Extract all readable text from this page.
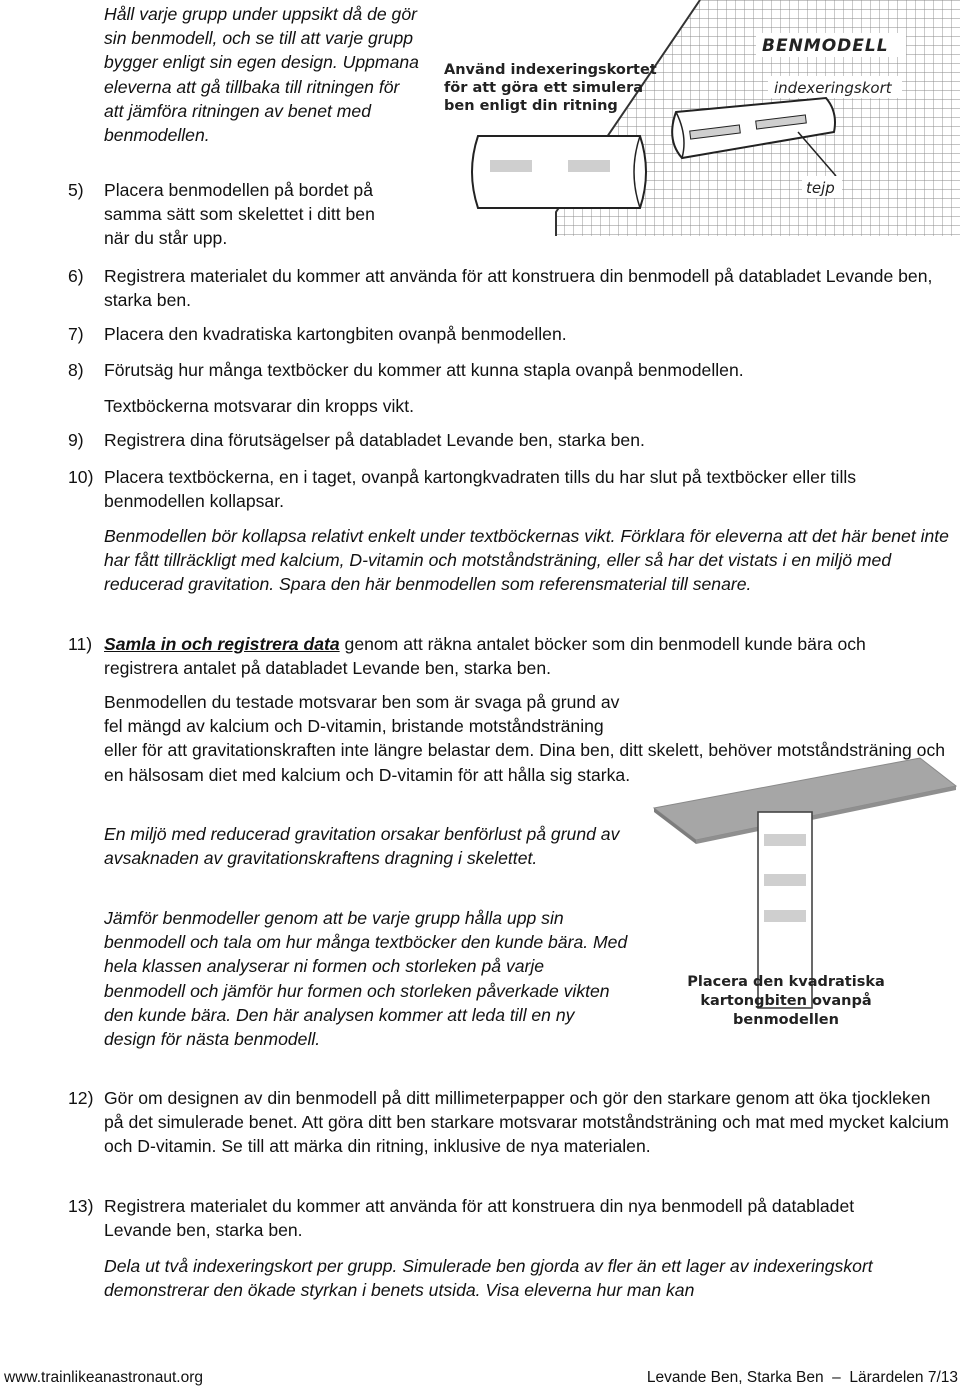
Håll varje grupp under uppsikt då de gör sin benmodell, och se till att varje grupp bygger enligt sin egen design. Uppmana eleverna att gå tillbaka till ritningen för att jämföra ritningen av benet med benmodellen.
5) Placera benmodellen på bordet på samma sätt som skelettet i ditt ben när du står upp.
Använd indexeringskortet
för att göra ett simulera
ben enligt din ritning
BENMODELL
indexeringskort
tejp
6) Registrera materialet du kommer att använda för att konstruera din benmodell på databladet Levande ben, starka ben.
7) Placera den kvadratiska kartongbiten ovanpå benmodellen.
8) Förutsäg hur många textböcker du kommer att kunna stapla ovanpå benmodellen.
Textböckerna motsvarar din kropps vikt.
9) Registrera dina förutsägelser på databladet Levande ben, starka ben.
10) Placera textböckerna, en i taget, ovanpå kartongkvadraten tills du har slut på textböcker eller tills benmodellen kollapsar.
Benmodellen bör kollapsa relativt enkelt under textböckernas vikt. Förklara för eleverna att det här benet inte har fått tillräckligt med kalcium, D-vitamin och motståndsträning, eller så har det vistats i en miljö med reducerad gravitation. Spara den här benmodellen som referensmaterial till senare.
11) Samla in och registrera data genom att räkna antalet böcker som din benmodell kunde bära och registrera antalet på databladet Levande ben, starka ben.
Benmodellen du testade motsvarar ben som är svaga på grund av fel mängd av kalcium och D-vitamin, bristande motståndsträning eller för att gravitationskraften inte längre belastar dem. Dina ben, ditt skelett, behöver motståndsträning och en hälsosam diet med kalcium och D-vitamin för att hålla sig starka.
En miljö med reducerad gravitation orsakar benförlust på grund av avsaknaden av gravitationskraftens dragning i skelettet.
Jämför benmodeller genom att be varje grupp hålla upp sin benmodell och tala om hur många textböcker den kunde bära. Med hela klassen analyserar ni formen och storleken på varje benmodell och jämför hur formen och storleken påverkade vikten den kunde bära. Den här analysen kommer att leda till en ny design för nästa benmodell.
Placera den kvadratiska
kartongbiten ovanpå
benmodellen
12) Gör om designen av din benmodell på ditt millimeterpapper och gör den starkare genom att öka tjockleken på det simulerade benet. Att göra ditt ben starkare motsvarar motståndsträning och mat med mycket kalcium och D-vitamin. Se till att märka din ritning, inklusive de nya materialen.
13) Registrera materialet du kommer att använda för att konstruera din nya benmodell på databladet Levande ben, starka ben.
Dela ut två indexeringskort per grupp. Simulerade ben gjorda av fler än ett lager av indexeringskort demonstrerar den ökade styrkan i benets utsida. Visa eleverna hur man kan
www.trainlikeanastronaut.org	Levande Ben, Starka Ben  –  Lärardelen 7/13
